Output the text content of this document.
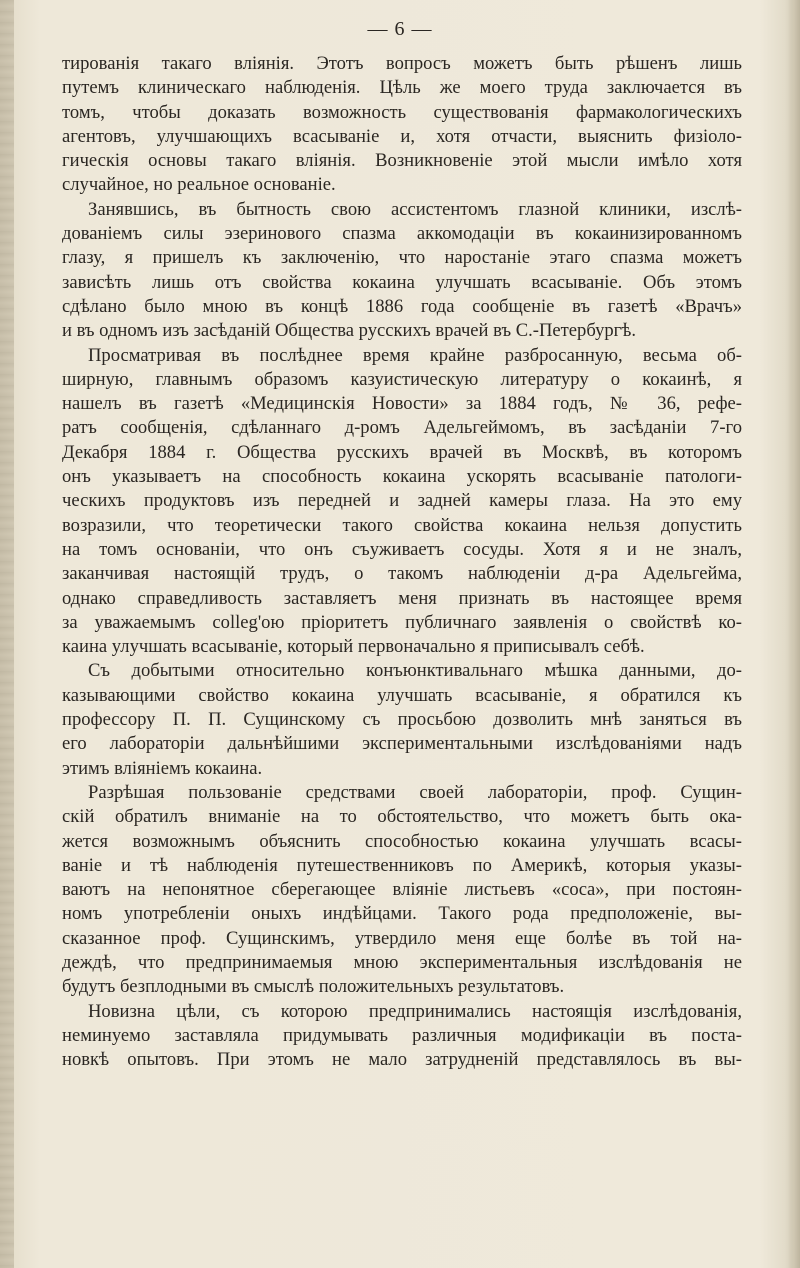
— 6 —
тированія такаго вліянія. Этотъ вопросъ можетъ быть рѣшенъ лишь
путемъ клиническаго наблюденія. Цѣль же моего труда заключается въ
томъ, чтобы доказать возможность существованія фармакологическихъ
агентовъ, улучшающихъ всасываніе и, хотя отчасти, выяснить физіоло-
гическія основы такаго вліянія. Возникновеніе этой мысли имѣло хотя
случайное, но реальное основаніе.
Занявшись, въ бытность свою ассистентомъ глазной клиники, изслѣ-
дованіемъ силы эзеринового спазма аккомодаціи въ кокаинизированномъ
глазу, я пришелъ къ заключенію, что наростаніе этаго спазма можетъ
зависѣть лишь отъ свойства кокаина улучшать всасываніе. Объ этомъ
сдѣлано было мною въ концѣ 1886 года сообщеніе въ газетѣ «Врачъ»
и въ одномъ изъ засѣданій Общества русскихъ врачей въ С.-Петербургѣ.
Просматривая въ послѣднее время крайне разбросанную, весьма об-
ширную, главнымъ образомъ казуистическую литературу о кокаинѣ, я
нашелъ въ газетѣ «Медицинскія Новости» за 1884 годъ, № 36, рефе-
ратъ сообщенія, сдѣланнаго д-ромъ Адельгеймомъ, въ засѣданіи 7-го
Декабря 1884 г. Общества русскихъ врачей въ Москвѣ, въ которомъ
онъ указываетъ на способность кокаина ускорять всасываніе патологи-
ческихъ продуктовъ изъ передней и задней камеры глаза. На это ему
возразили, что теоретически такого свойства кокаина нельзя допустить
на томъ основаніи, что онъ съуживаетъ сосуды. Хотя я и не зналъ,
заканчивая настоящій трудъ, о такомъ наблюденіи д-ра Адельгейма,
однако справедливость заставляетъ меня признать въ настоящее время
за уважаемымъ collеg'ою пріоритетъ публичнаго заявленія о свойствѣ ко-
каина улучшать всасываніе, который первоначально я приписывалъ себѣ.
Съ добытыми относительно конъюнктивальнаго мѣшка данными, до-
казывающими свойство кокаина улучшать всасываніе, я обратился къ
профессору П. П. Сущинскому съ просьбою дозволить мнѣ заняться въ
его лабораторіи дальнѣйшими экспериментальными изслѣдованіями надъ
этимъ вліяніемъ кокаина.
Разрѣшая пользованіе средствами своей лабораторіи, проф. Сущин-
скій обратилъ вниманіе на то обстоятельство, что можетъ быть ока-
жется возможнымъ объяснить способностью кокаина улучшать всасы-
ваніе и тѣ наблюденія путешественниковъ по Америкѣ, которыя указы-
ваютъ на непонятное сберегающее вліяніе листьевъ «coca», при постоян-
номъ употребленіи оныхъ индѣйцами. Такого рода предположеніе, вы-
сказанное проф. Сущинскимъ, утвердило меня еще болѣе въ той на-
деждѣ, что предпринимаемыя мною экспериментальныя изслѣдованія не
будутъ безплодными въ смыслѣ положительныхъ результатовъ.
Новизна цѣли, съ которою предпринимались настоящія изслѣдованія,
неминуемо заставляла придумывать различныя модификаціи въ поста-
новкѣ опытовъ. При этомъ не мало затрудненій представлялось въ вы-
